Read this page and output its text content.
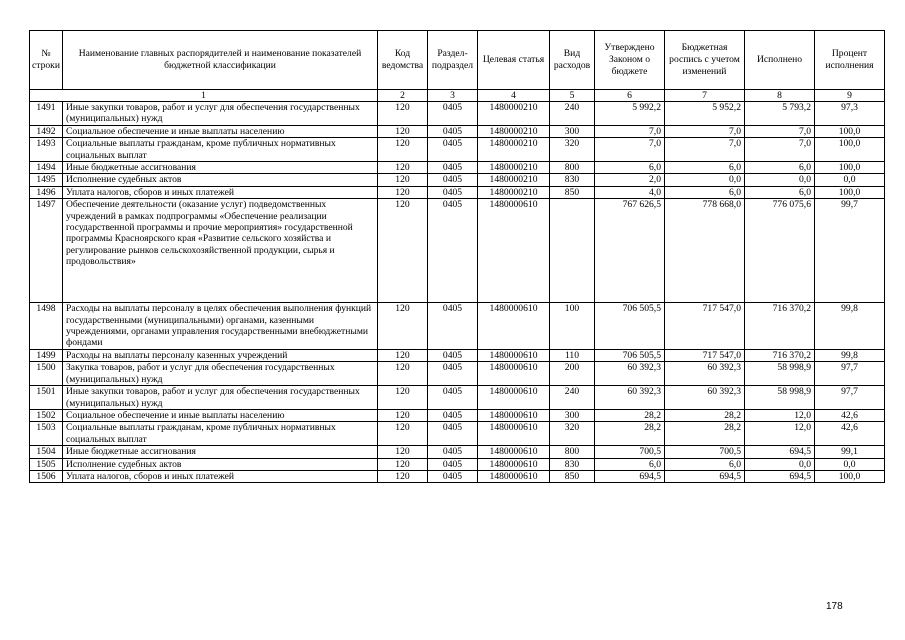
№ строки	Наименование главных распорядителей и наименование показателей бюджетной классификации	Код ведомства	Раздел-подраздел	Целевая статья	Вид расходов	Утверждено Законом о бюджете	Бюджетная роспись с учетом изменений	Исполнено	Процент исполнения
1		2	3	4	5	6	7	8	9
1491	Иные закупки товаров, работ и услуг для обеспечения государственных (муниципальных) нужд	120	0405	1480000210	240	5 992,2	5 952,2	5 793,2	97,3
1492	Социальное обеспечение и иные выплаты населению	120	0405	1480000210	300	7,0	7,0	7,0	100,0
1493	Социальные выплаты гражданам, кроме публичных нормативных социальных выплат	120	0405	1480000210	320	7,0	7,0	7,0	100,0
1494	Иные бюджетные ассигнования	120	0405	1480000210	800	6,0	6,0	6,0	100,0
1495	Исполнение судебных актов	120	0405	1480000210	830	2,0	0,0	0,0	0,0
1496	Уплата налогов, сборов и иных платежей	120	0405	1480000210	850	4,0	6,0	6,0	100,0
1497	Обеспечение деятельности (оказание услуг) подведомственных учреждений в рамках подпрограммы «Обеспечение реализации государственной программы и прочие мероприятия» государственной программы Красноярского края «Развитие сельского хозяйства и регулирование рынков сельскохозяйственной продукции, сырья и продовольствия»	120	0405	1480000610		767 626,5	778 668,0	776 075,6	99,7
1498	Расходы на выплаты персоналу в целях обеспечения выполнения функций государственными (муниципальными) органами, казенными учреждениями, органами управления государственными внебюджетными фондами	120	0405	1480000610	100	706 505,5	717 547,0	716 370,2	99,8
1499	Расходы на выплаты персоналу казенных учреждений	120	0405	1480000610	110	706 505,5	717 547,0	716 370,2	99,8
1500	Закупка товаров, работ и услуг для обеспечения государственных (муниципальных) нужд	120	0405	1480000610	200	60 392,3	60 392,3	58 998,9	97,7
1501	Иные закупки товаров, работ и услуг для обеспечения государственных (муниципальных) нужд	120	0405	1480000610	240	60 392,3	60 392,3	58 998,9	97,7
1502	Социальное обеспечение и иные выплаты населению	120	0405	1480000610	300	28,2	28,2	12,0	42,6
1503	Социальные выплаты гражданам, кроме публичных нормативных социальных выплат	120	0405	1480000610	320	28,2	28,2	12,0	42,6
1504	Иные бюджетные ассигнования	120	0405	1480000610	800	700,5	700,5	694,5	99,1
1505	Исполнение судебных актов	120	0405	1480000610	830	6,0	6,0	0,0	0,0
1506	Уплата налогов, сборов и иных платежей	120	0405	1480000610	850	694,5	694,5	694,5	100,0
178
